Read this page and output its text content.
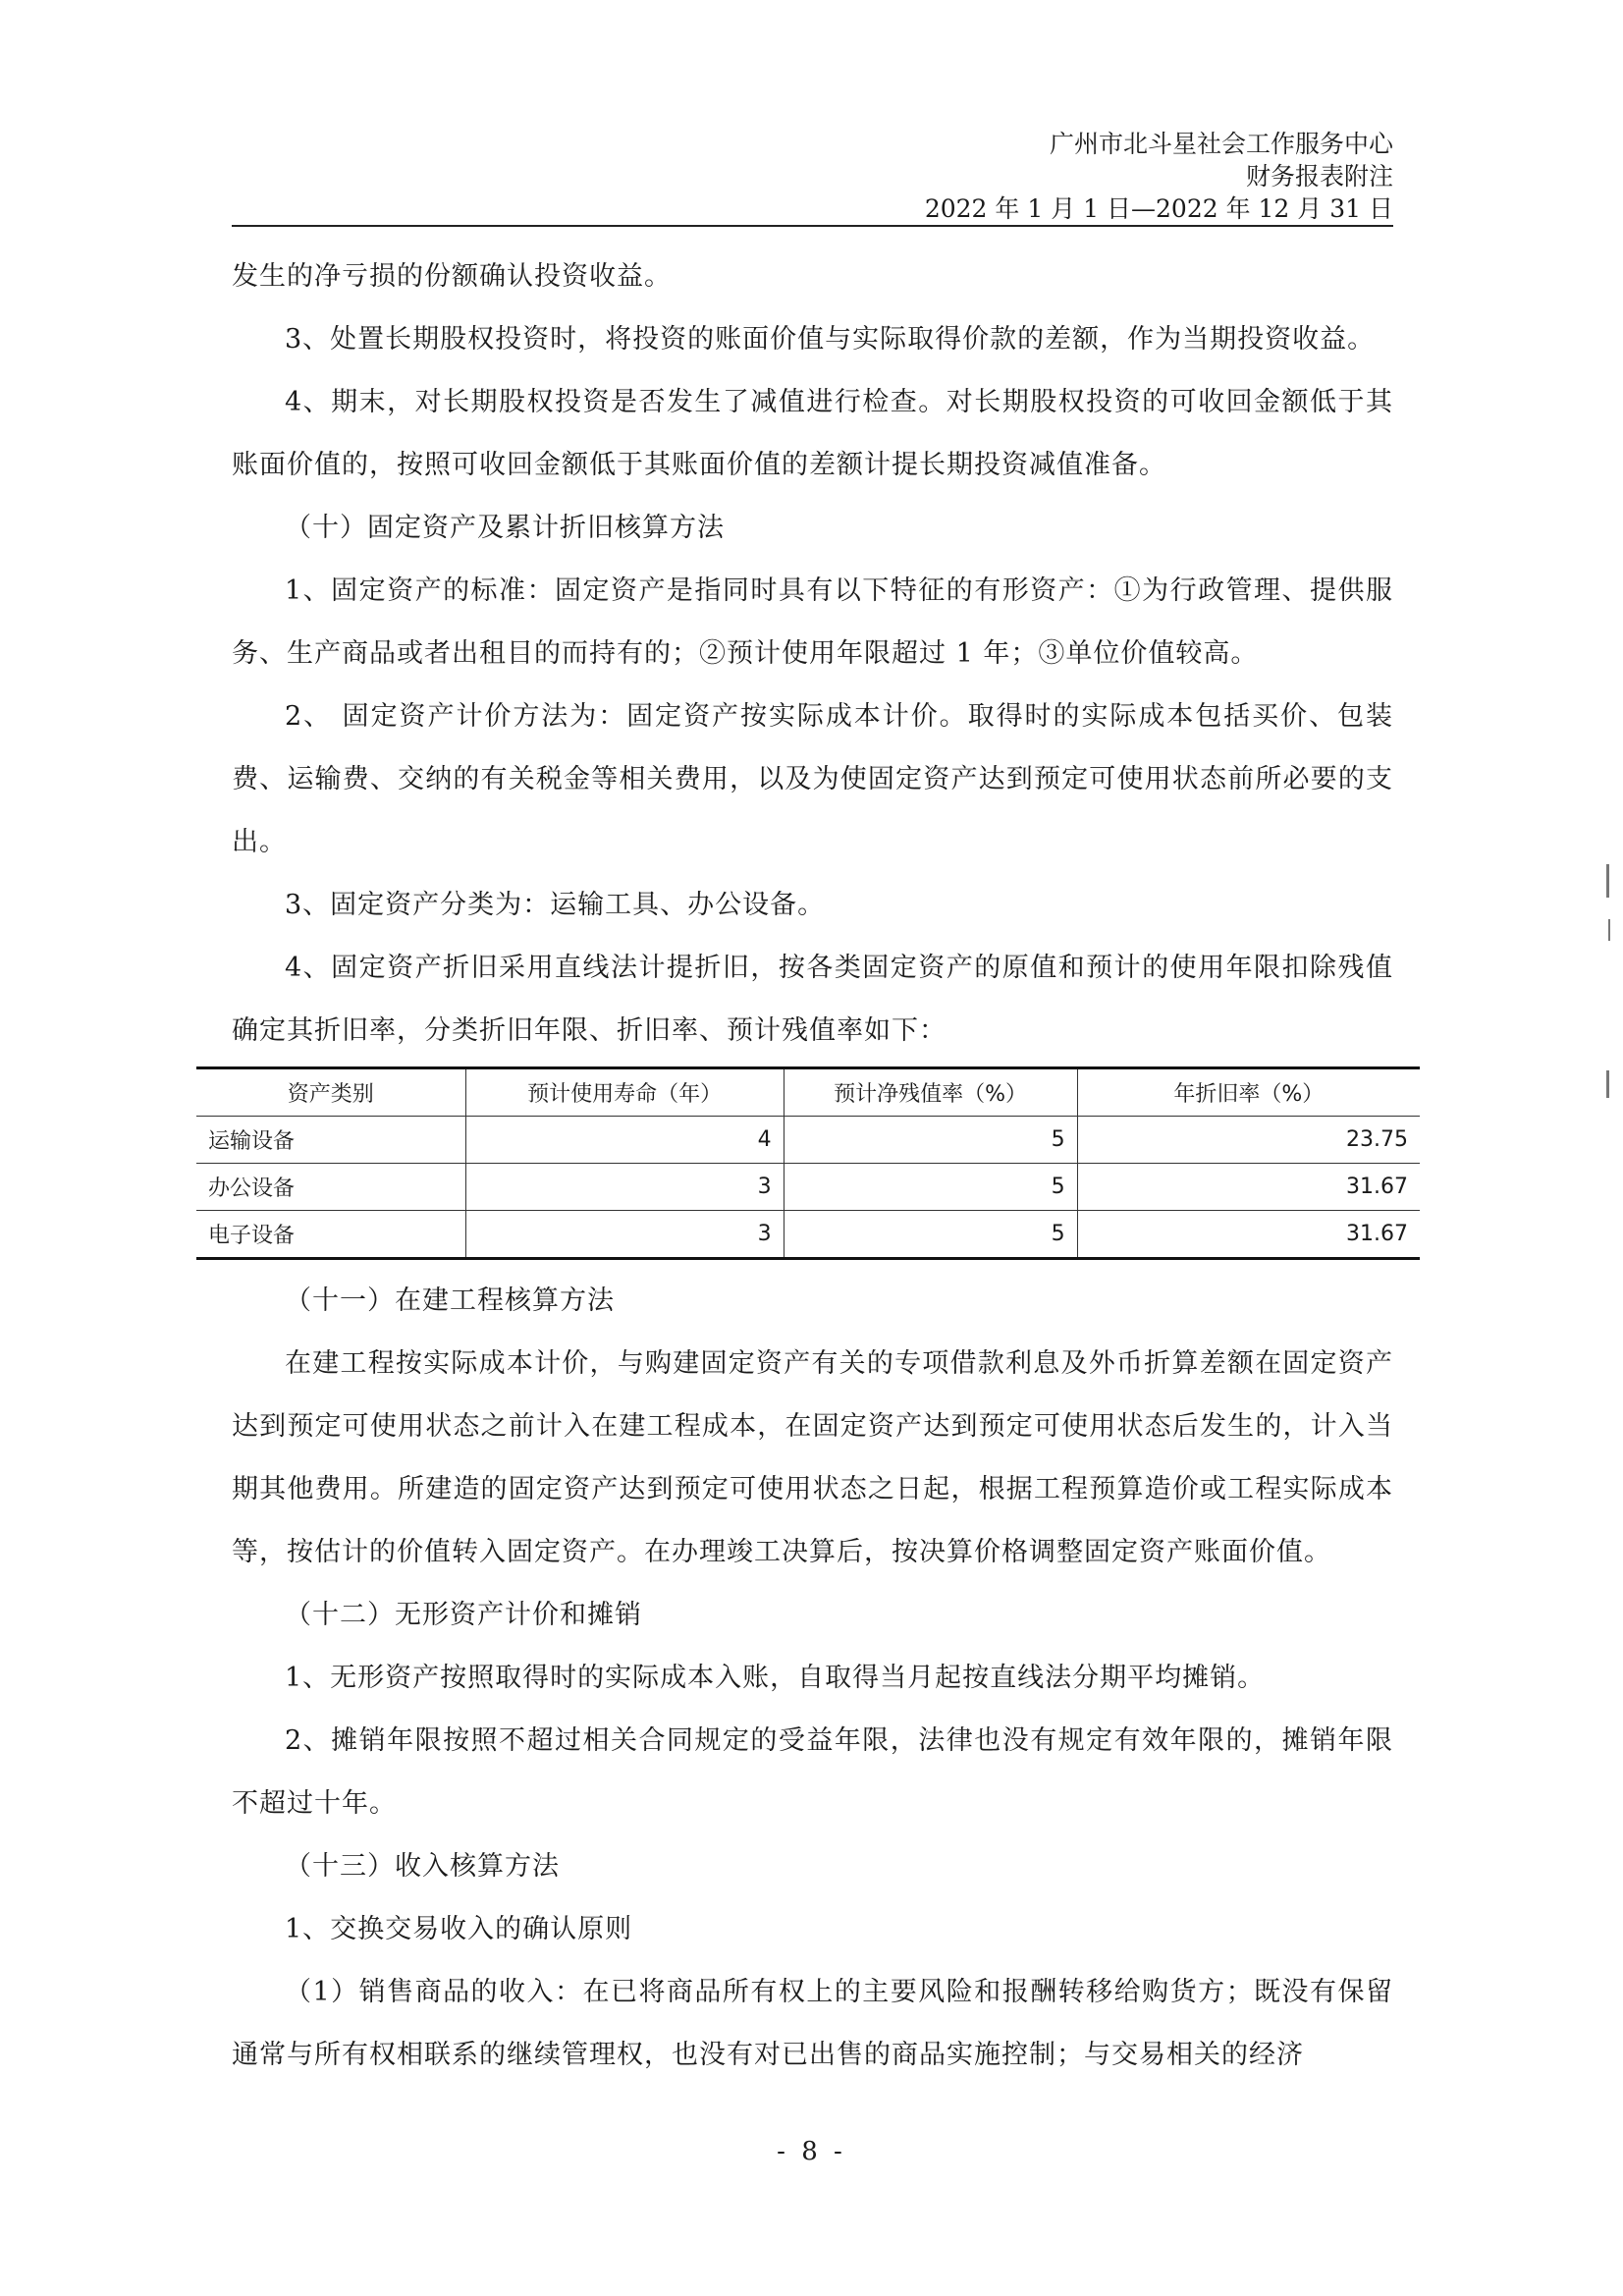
广州市北斗星社会工作服务中心
财务报表附注
2022 年 1 月 1 日—2022 年 12 月 31 日

发生的净亏损的份额确认投资收益。

3、处置长期股权投资时，将投资的账面价值与实际取得价款的差额，作为当期投资收益。

4、期末，对长期股权投资是否发生了减值进行检查。对长期股权投资的可收回金额低于其账面价值的，按照可收回金额低于其账面价值的差额计提长期投资减值准备。

（十）固定资产及累计折旧核算方法

1、固定资产的标准：固定资产是指同时具有以下特征的有形资产：①为行政管理、提供服务、生产商品或者出租目的而持有的；②预计使用年限超过 1 年；③单位价值较高。

2、 固定资产计价方法为：固定资产按实际成本计价。取得时的实际成本包括买价、包装费、运输费、交纳的有关税金等相关费用，以及为使固定资产达到预定可使用状态前所必要的支出。

3、固定资产分类为：运输工具、办公设备。

4、固定资产折旧采用直线法计提折旧，按各类固定资产的原值和预计的使用年限扣除残值确定其折旧率，分类折旧年限、折旧率、预计残值率如下：

资产类别	预计使用寿命（年）	预计净残值率（%）	年折旧率（%）
运输设备	4	5	23.75
办公设备	3	5	31.67
电子设备	3	5	31.67

（十一）在建工程核算方法

在建工程按实际成本计价，与购建固定资产有关的专项借款利息及外币折算差额在固定资产达到预定可使用状态之前计入在建工程成本，在固定资产达到预定可使用状态后发生的，计入当期其他费用。所建造的固定资产达到预定可使用状态之日起，根据工程预算造价或工程实际成本等，按估计的价值转入固定资产。在办理竣工决算后，按决算价格调整固定资产账面价值。

（十二）无形资产计价和摊销

1、无形资产按照取得时的实际成本入账，自取得当月起按直线法分期平均摊销。

2、摊销年限按照不超过相关合同规定的受益年限，法律也没有规定有效年限的，摊销年限不超过十年。

（十三）收入核算方法

1、交换交易收入的确认原则

（1）销售商品的收入：在已将商品所有权上的主要风险和报酬转移给购货方；既没有保留通常与所有权相联系的继续管理权，也没有对已出售的商品实施控制；与交易相关的经济

- 8 -
